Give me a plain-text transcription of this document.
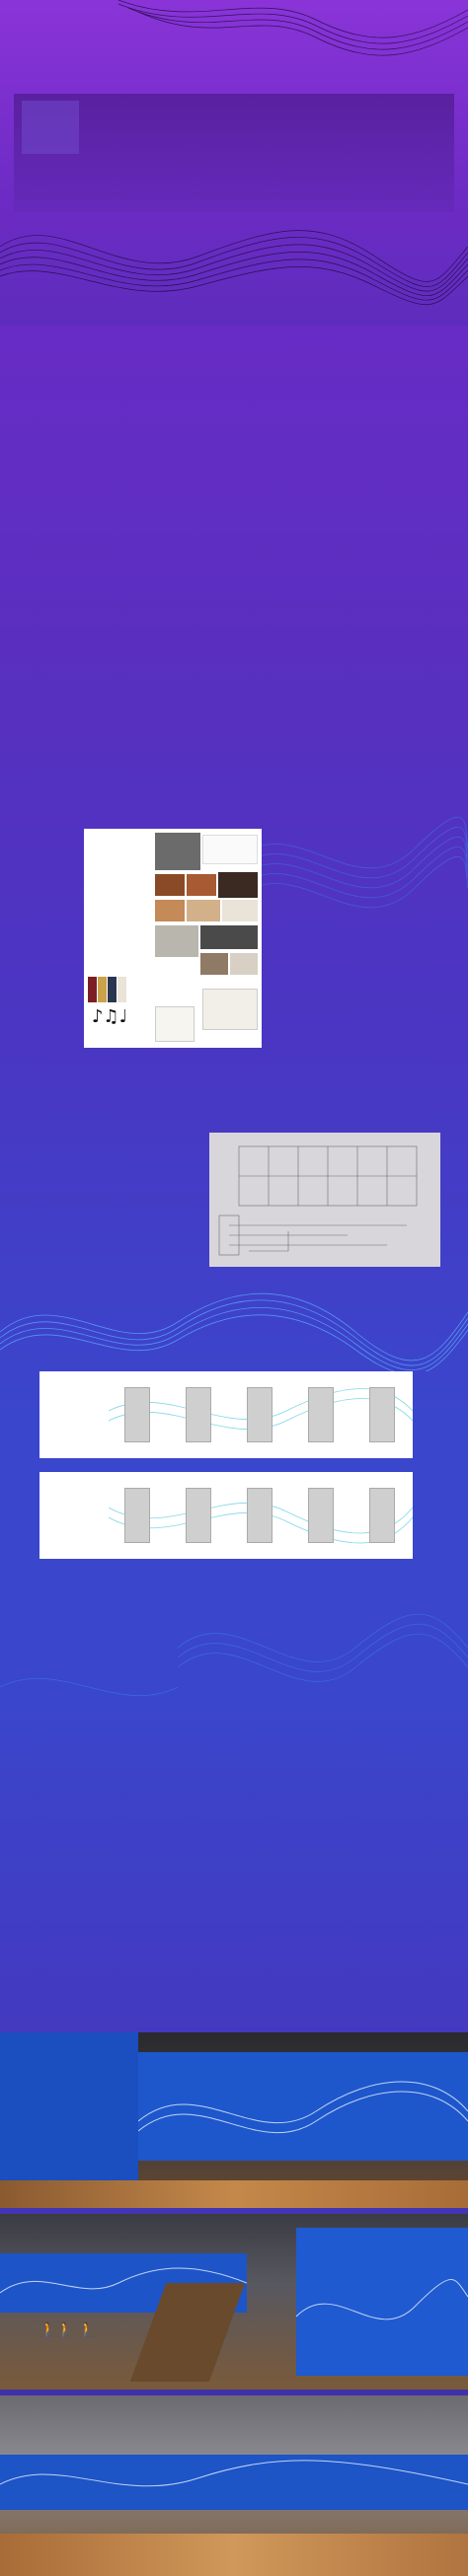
♪♫♩
🚶🚶 🚶
